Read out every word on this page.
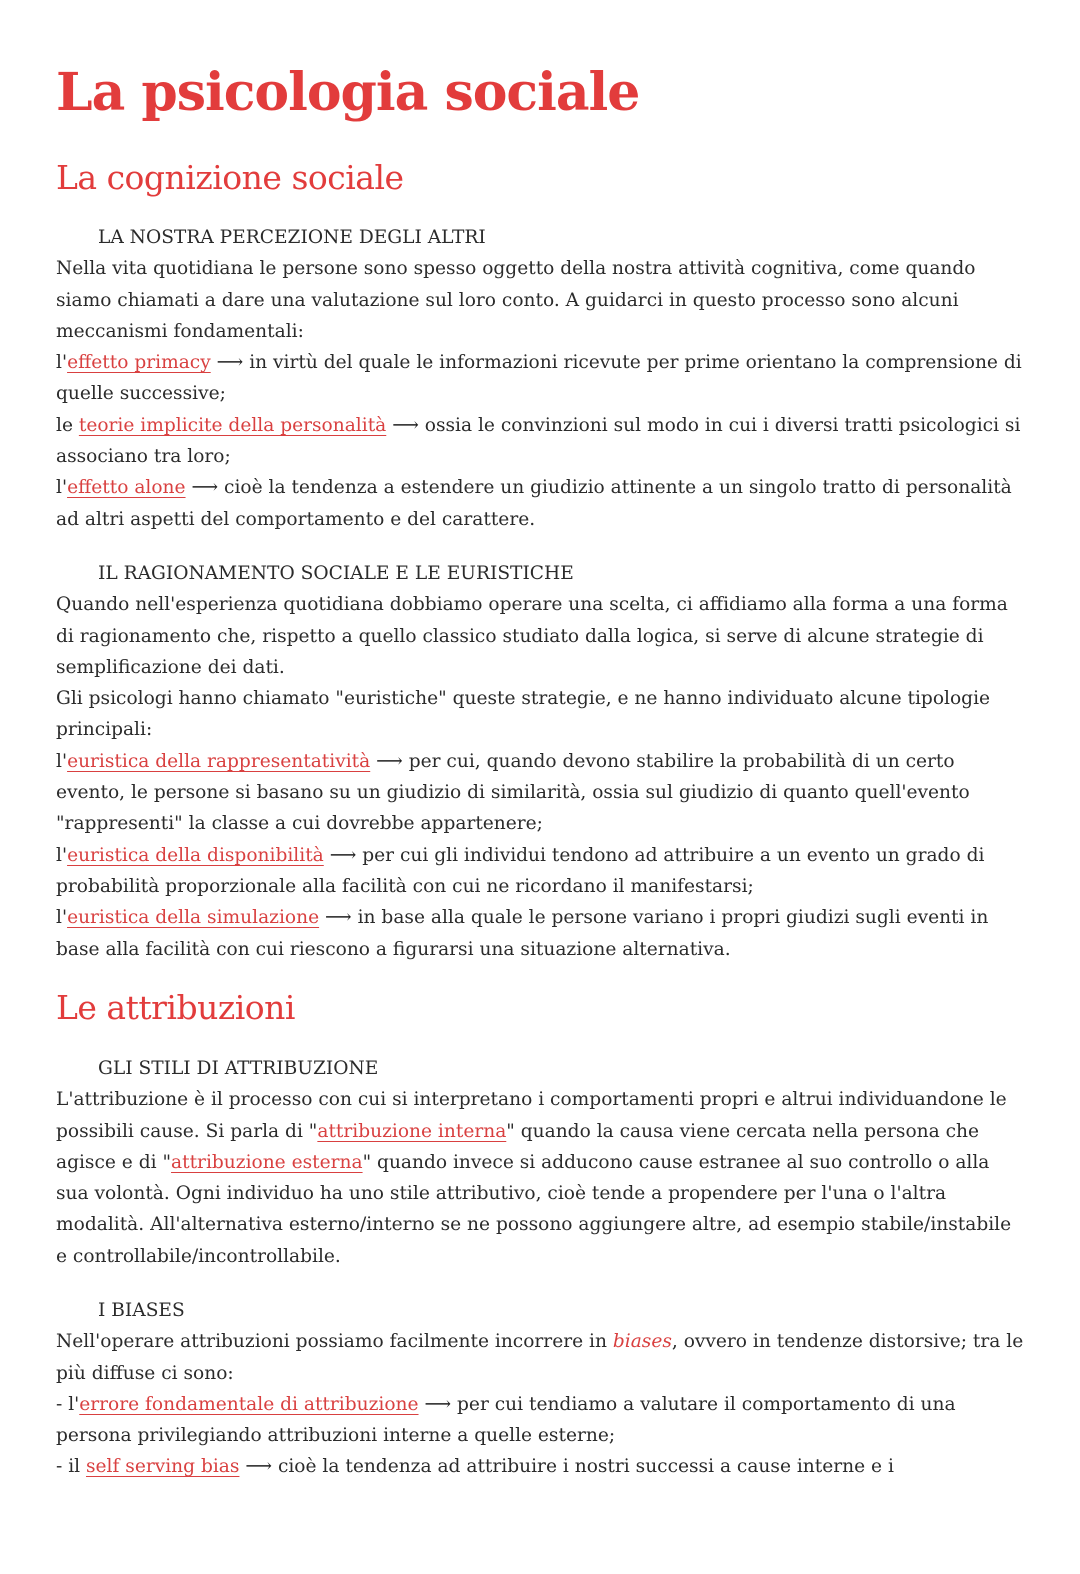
La psicologia sociale
La cognizione sociale
LA NOSTRA PERCEZIONE DEGLI ALTRI
Nella vita quotidiana le persone sono spesso oggetto della nostra attività cognitiva, come quando siamo chiamati a dare una valutazione sul loro conto. A guidarci in questo processo sono alcuni meccanismi fondamentali:
l'effetto primacy ⟶ in virtù del quale le informazioni ricevute per prime orientano la comprensione di quelle successive;
le teorie implicite della personalità ⟶ ossia le convinzioni sul modo in cui i diversi tratti psicologici si associano tra loro;
l'effetto alone ⟶ cioè la tendenza a estendere un giudizio attinente a un singolo tratto di personalità ad altri aspetti del comportamento e del carattere.
IL RAGIONAMENTO SOCIALE E LE EURISTICHE
Quando nell'esperienza quotidiana dobbiamo operare una scelta, ci affidiamo alla forma a una forma di ragionamento che, rispetto a quello classico studiato dalla logica, si serve di alcune strategie di semplificazione dei dati.
Gli psicologi hanno chiamato "euristiche" queste strategie, e ne hanno individuato alcune tipologie principali:
l'euristica della rappresentatività ⟶ per cui, quando devono stabilire la probabilità di un certo evento, le persone si basano su un giudizio di similarità, ossia sul giudizio di quanto quell'evento "rappresenti" la classe a cui dovrebbe appartenere;
l'euristica della disponibilità ⟶ per cui gli individui tendono ad attribuire a un evento un grado di probabilità proporzionale alla facilità con cui ne ricordano il manifestarsi;
l'euristica della simulazione ⟶ in base alla quale le persone variano i propri giudizi sugli eventi in base alla facilità con cui riescono a figurarsi una situazione alternativa.
Le attribuzioni
GLI STILI DI ATTRIBUZIONE
L'attribuzione è il processo con cui si interpretano i comportamenti propri e altrui individuandone le possibili cause. Si parla di "attribuzione interna" quando la causa viene cercata nella persona che agisce e di "attribuzione esterna" quando invece si adducono cause estranee al suo controllo o alla sua volontà. Ogni individuo ha uno stile attributivo, cioè tende a propendere per l'una o l'altra modalità. All'alternativa esterno/interno se ne possono aggiungere altre, ad esempio stabile/instabile e controllabile/incontrollabile.
I BIASES
Nell'operare attribuzioni possiamo facilmente incorrere in biases, ovvero in tendenze distorsive; tra le più diffuse ci sono:
- l'errore fondamentale di attribuzione ⟶ per cui tendiamo a valutare il comportamento di una persona privilegiando attribuzioni interne a quelle esterne;
- il self serving bias ⟶ cioè la tendenza ad attribuire i nostri successi a cause interne e i
